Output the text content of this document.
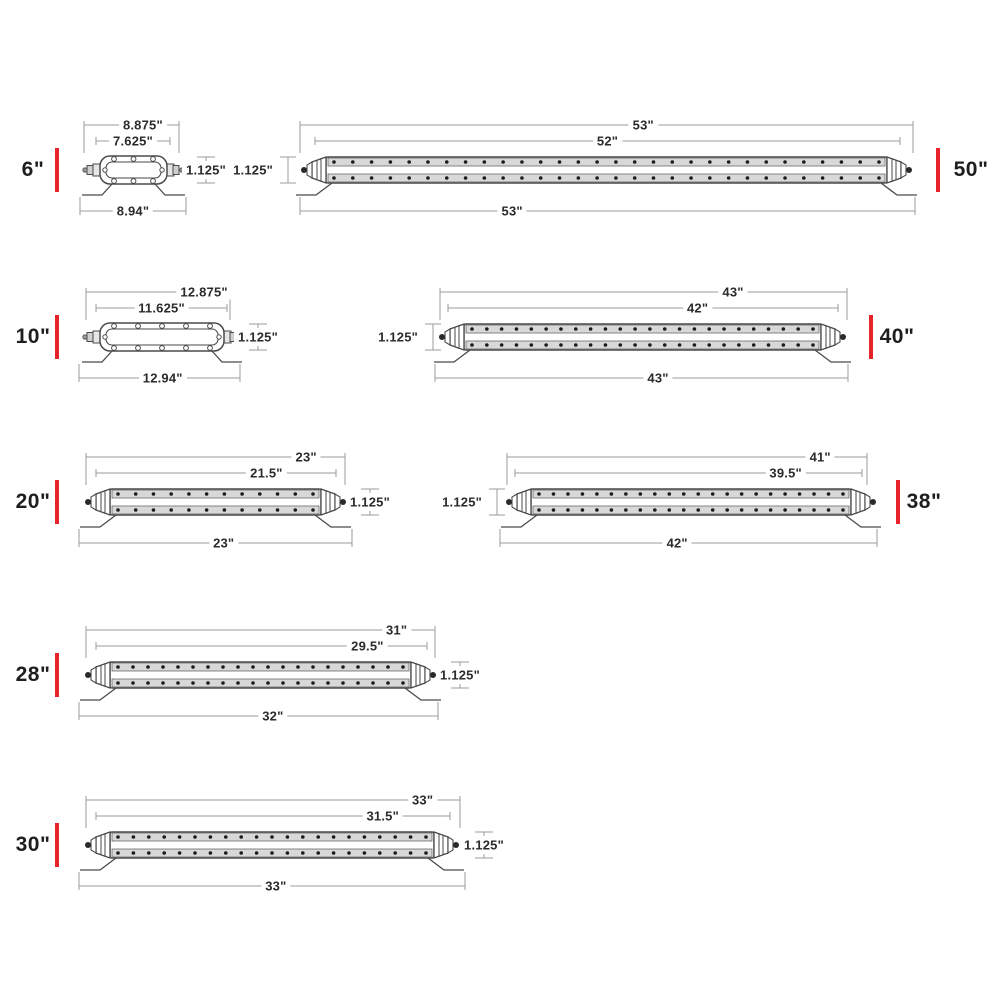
1.125"
8.875"
7.625"
8.94"
6"	1.125"
53"
52"
53"
50"
1.125"
12.875"
11.625"
12.94"
10"	1.125"
43"
42"
43"
40"
1.125"
23"
21.5"
23"
20"	1.125"
41"
39.5"
42"
38"
1.125"
31"
29.5"
32"
28"
1.125"
33"
31.5"
33"
30"
